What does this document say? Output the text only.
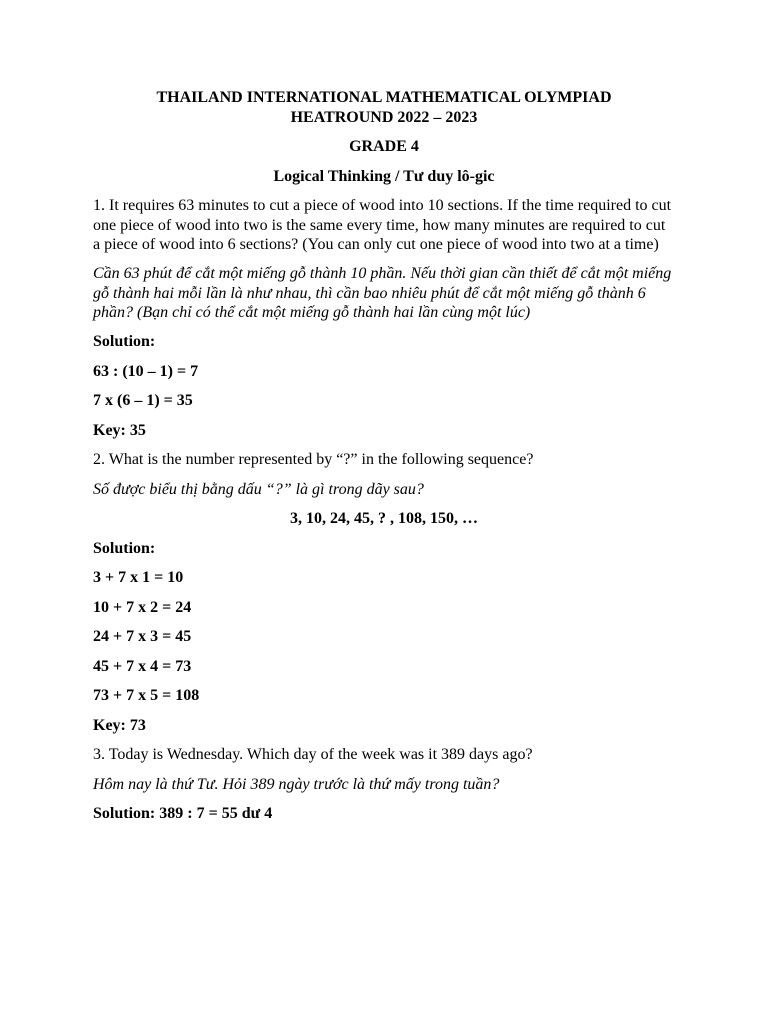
THAILAND INTERNATIONAL MATHEMATICAL OLYMPIAD
HEATROUND 2022 – 2023
GRADE 4
Logical Thinking / Tư duy lô-gic
1. It requires 63 minutes to cut a piece of wood into 10 sections. If the time required to cut one piece of wood into two is the same every time, how many minutes are required to cut a piece of wood into 6 sections? (You can only cut one piece of wood into two at a time)
Cần 63 phút để cắt một miếng gỗ thành 10 phần. Nếu thời gian cần thiết để cắt một miếng gỗ thành hai mỗi lần là như nhau, thì cần bao nhiêu phút để cắt một miếng gỗ thành 6 phần? (Bạn chỉ có thể cắt một miếng gỗ thành hai lần cùng một lúc)
Solution:
63 : (10 – 1) = 7
7 x (6 – 1) = 35
Key: 35
2. What is the number represented by “?” in the following sequence?
Số được biểu thị bằng dấu “?” là gì trong dãy sau?
3, 10, 24, 45, ? , 108, 150, …
Solution:
3 + 7 x 1 = 10
10 + 7 x 2 = 24
24 + 7 x 3 = 45
45 + 7 x 4 = 73
73 + 7 x 5 = 108
Key: 73
3. Today is Wednesday. Which day of the week was it 389 days ago?
Hôm nay là thứ Tư. Hỏi 389 ngày trước là thứ mấy trong tuần?
Solution: 389 : 7 = 55 dư 4
